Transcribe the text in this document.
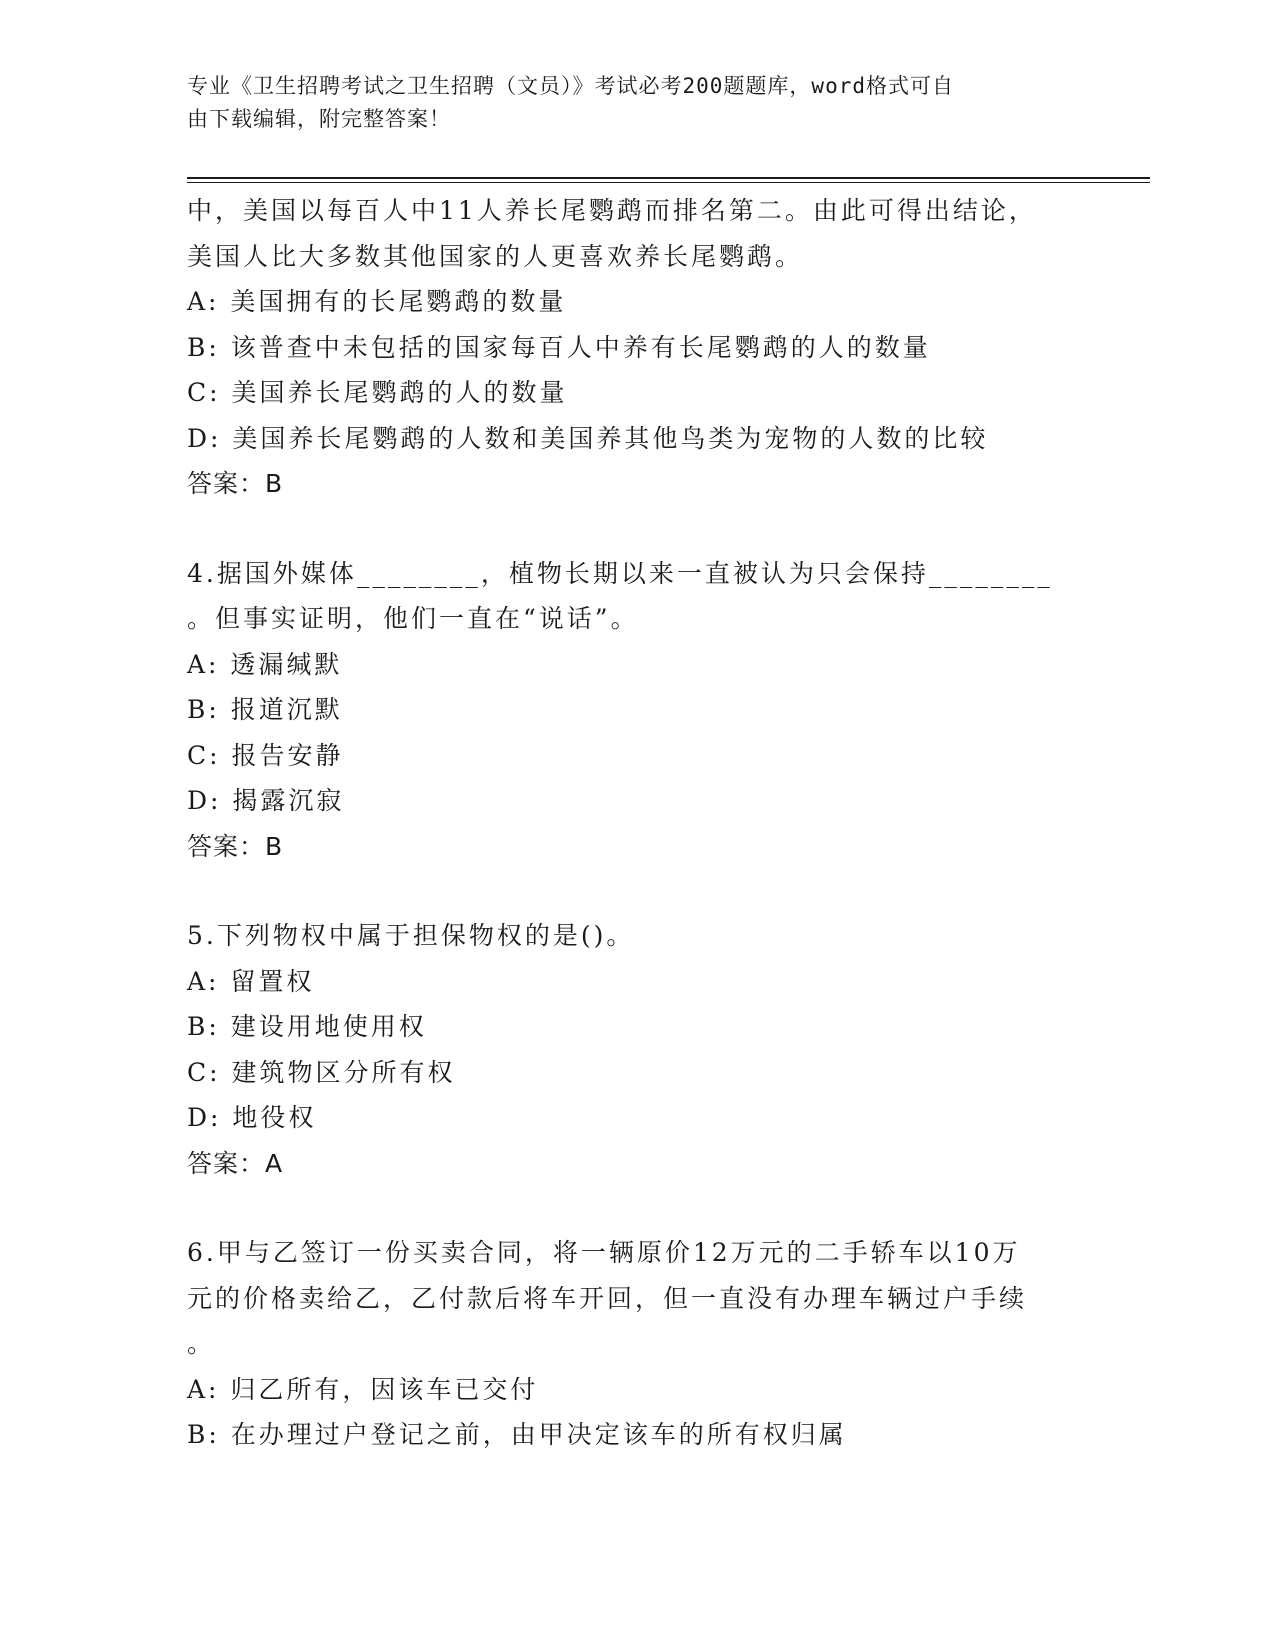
专业《卫生招聘考试之卫生招聘（文员）》考试必考200题题库，word格式可自
由下载编辑，附完整答案！
中，美国以每百人中11人养长尾鹦鹉而排名第二。由此可得出结论，
美国人比大多数其他国家的人更喜欢养长尾鹦鹉。
A: 美国拥有的长尾鹦鹉的数量
B: 该普查中未包括的国家每百人中养有长尾鹦鹉的人的数量
C: 美国养长尾鹦鹉的人的数量
D: 美国养长尾鹦鹉的人数和美国养其他鸟类为宠物的人数的比较
答案：B
4.据国外媒体________，植物长期以来一直被认为只会保持________
。但事实证明，他们一直在“说话”。
A: 透漏缄默
B: 报道沉默
C: 报告安静
D: 揭露沉寂
答案：B
5.下列物权中属于担保物权的是()。
A: 留置权
B: 建设用地使用权
C: 建筑物区分所有权
D: 地役权
答案：A
6.甲与乙签订一份买卖合同，将一辆原价12万元的二手轿车以10万
元的价格卖给乙，乙付款后将车开回，但一直没有办理车辆过户手续
。
A: 归乙所有，因该车已交付
B: 在办理过户登记之前，由甲决定该车的所有权归属
